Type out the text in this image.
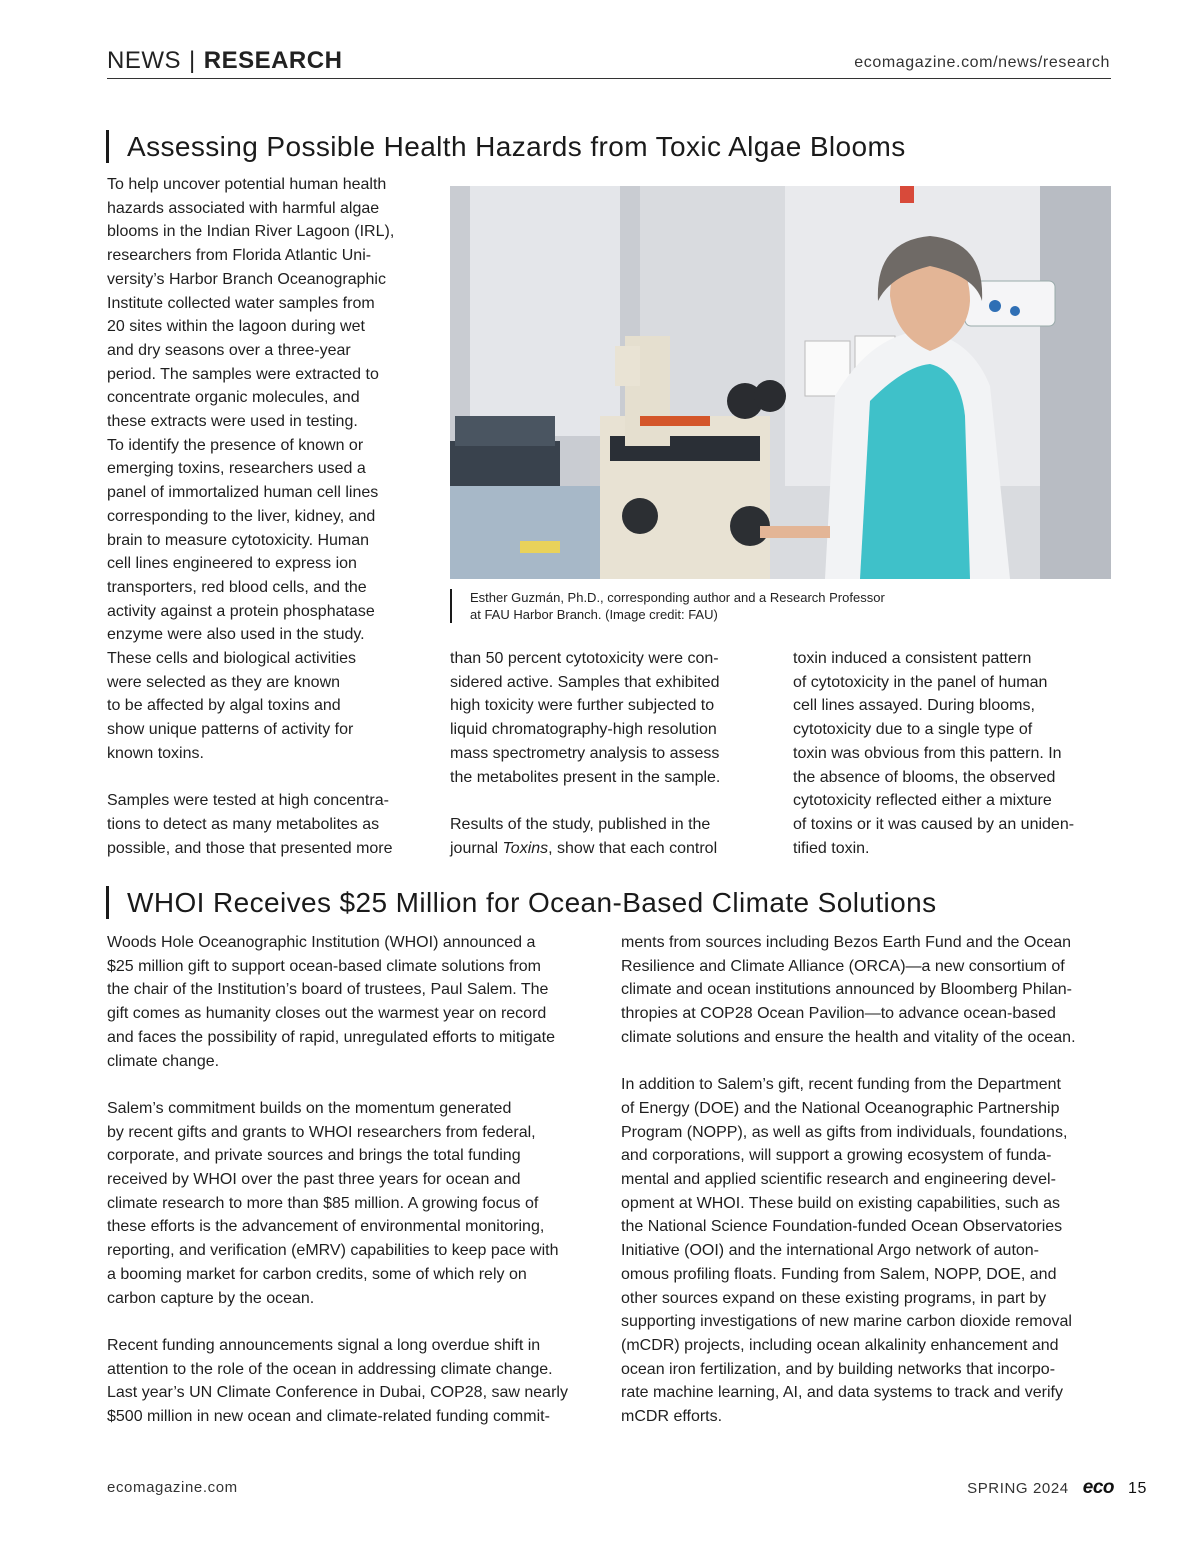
NEWS | RESEARCH	ecomagazine.com/news/research
Assessing Possible Health Hazards from Toxic Algae Blooms
To help uncover potential human health
hazards associated with harmful algae
blooms in the Indian River Lagoon (IRL),
researchers from Florida Atlantic Uni-
versity’s Harbor Branch Oceanographic
Institute collected water samples from
20 sites within the lagoon during wet
and dry seasons over a three-year
period. The samples were extracted to
concentrate organic molecules, and
these extracts were used in testing.
To identify the presence of known or
emerging toxins, researchers used a
panel of immortalized human cell lines
corresponding to the liver, kidney, and
brain to measure cytotoxicity. Human
cell lines engineered to express ion
transporters, red blood cells, and the
activity against a protein phosphatase
enzyme were also used in the study.
These cells and biological activities
were selected as they are known
to be affected by algal toxins and
show unique patterns of activity for
known toxins.

Samples were tested at high concentra-
tions to detect as many metabolites as
possible, and those that presented more
Esther Guzmán, Ph.D., corresponding author and a Research Professor at FAU Harbor Branch. (Image credit: FAU)
than 50 percent cytotoxicity were con-
sidered active. Samples that exhibited
high toxicity were further subjected to
liquid chromatography-high resolution
mass spectrometry analysis to assess
the metabolites present in the sample.

Results of the study, published in the
journal Toxins, show that each control
toxin induced a consistent pattern
of cytotoxicity in the panel of human
cell lines assayed. During blooms,
cytotoxicity due to a single type of
toxin was obvious from this pattern. In
the absence of blooms, the observed
cytotoxicity reflected either a mixture
of toxins or it was caused by an uniden-
tified toxin.
WHOI Receives $25 Million for Ocean-Based Climate Solutions
Woods Hole Oceanographic Institution (WHOI) announced a
$25 million gift to support ocean-based climate solutions from
the chair of the Institution’s board of trustees, Paul Salem. The
gift comes as humanity closes out the warmest year on record
and faces the possibility of rapid, unregulated efforts to mitigate
climate change.

Salem’s commitment builds on the momentum generated
by recent gifts and grants to WHOI researchers from federal,
corporate, and private sources and brings the total funding
received by WHOI over the past three years for ocean and
climate research to more than $85 million. A growing focus of
these efforts is the advancement of environmental monitoring,
reporting, and verification (eMRV) capabilities to keep pace with
a booming market for carbon credits, some of which rely on
carbon capture by the ocean.

Recent funding announcements signal a long overdue shift in
attention to the role of the ocean in addressing climate change.
Last year’s UN Climate Conference in Dubai, COP28, saw nearly
$500 million in new ocean and climate-related funding commit-
ments from sources including Bezos Earth Fund and the Ocean
Resilience and Climate Alliance (ORCA)—a new consortium of
climate and ocean institutions announced by Bloomberg Philan-
thropies at COP28 Ocean Pavilion—to advance ocean-based
climate solutions and ensure the health and vitality of the ocean.

In addition to Salem’s gift, recent funding from the Department
of Energy (DOE) and the National Oceanographic Partnership
Program (NOPP), as well as gifts from individuals, foundations,
and corporations, will support a growing ecosystem of funda-
mental and applied scientific research and engineering devel-
opment at WHOI. These build on existing capabilities, such as
the National Science Foundation-funded Ocean Observatories
Initiative (OOI) and the international Argo network of auton-
omous profiling floats. Funding from Salem, NOPP, DOE, and
other sources expand on these existing programs, in part by
supporting investigations of new marine carbon dioxide removal
(mCDR) projects, including ocean alkalinity enhancement and
ocean iron fertilization, and by building networks that incorpo-
rate machine learning, AI, and data systems to track and verify
mCDR efforts.
ecomagazine.com	SPRING 2024 eco 15
